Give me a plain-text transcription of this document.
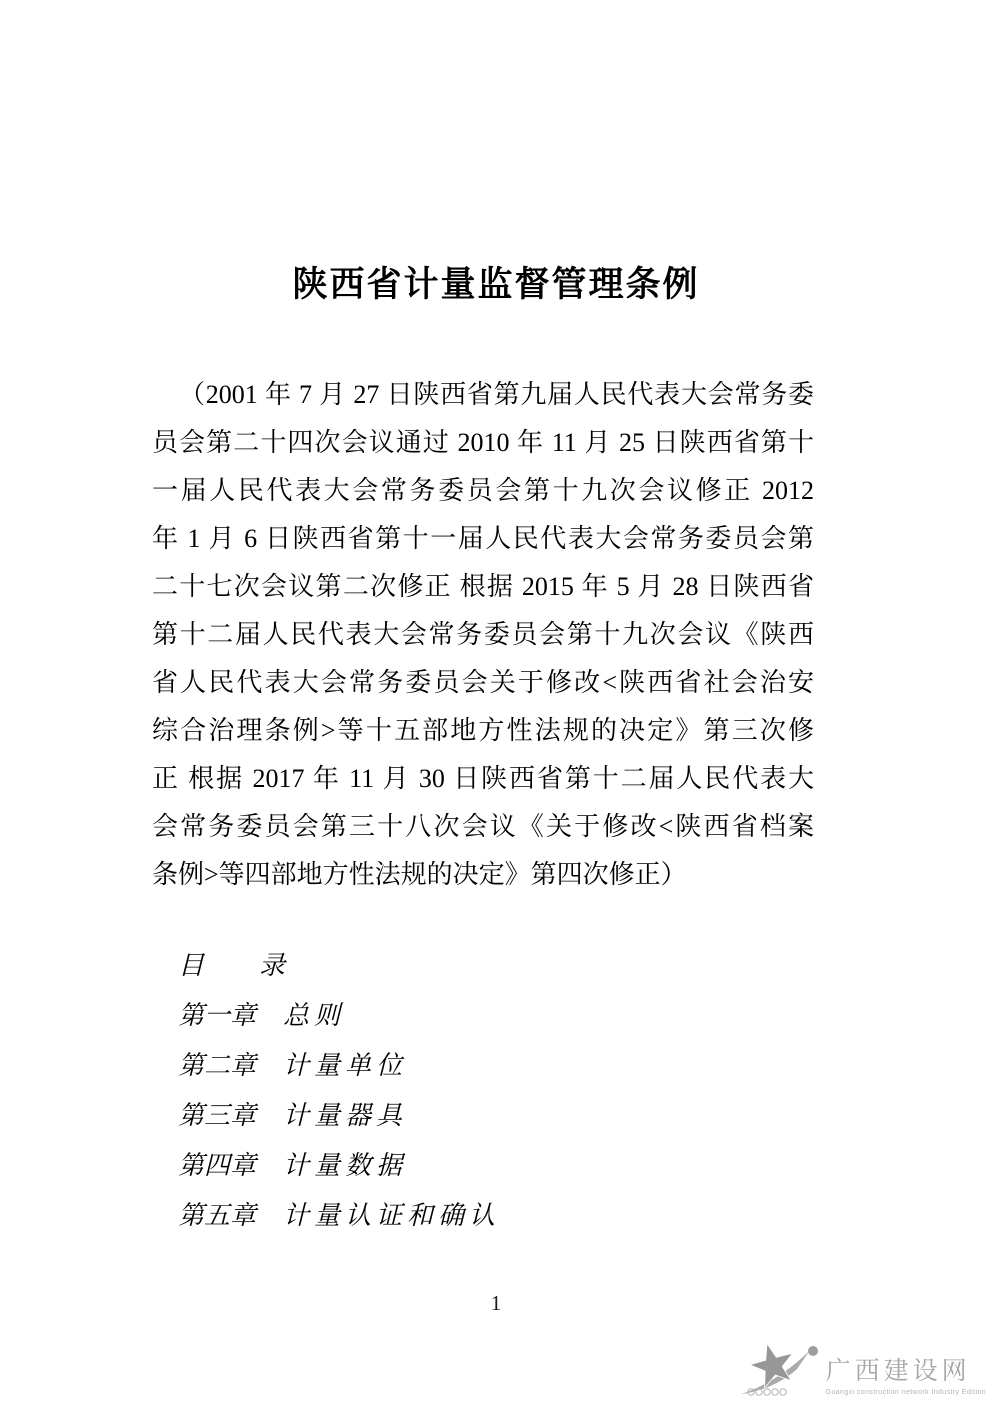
陕西省计量监督管理条例
（2001 年 7 月 27 日陕西省第九届人民代表大会常务委
员会第二十四次会议通过 2010 年 11 月 25 日陕西省第十
一届人民代表大会常务委员会第十九次会议修正 2012
年 1 月 6 日陕西省第十一届人民代表大会常务委员会第
二十七次会议第二次修正 根据 2015 年 5 月 28 日陕西省
第十二届人民代表大会常务委员会第十九次会议《陕西
省人民代表大会常务委员会关于修改<陕西省社会治安
综合治理条例>等十五部地方性法规的决定》第三次修
正 根据 2017 年 11 月 30 日陕西省第十二届人民代表大
会常务委员会第三十八次会议《关于修改<陕西省档案
条例>等四部地方性法规的决定》第四次修正）
目　　录
第一章 总则
第二章 计量单位
第三章 计量器具
第四章 计量数据
第五章 计量认证和确认
1
广西建设网
Guangxi construction network Industry Edition
